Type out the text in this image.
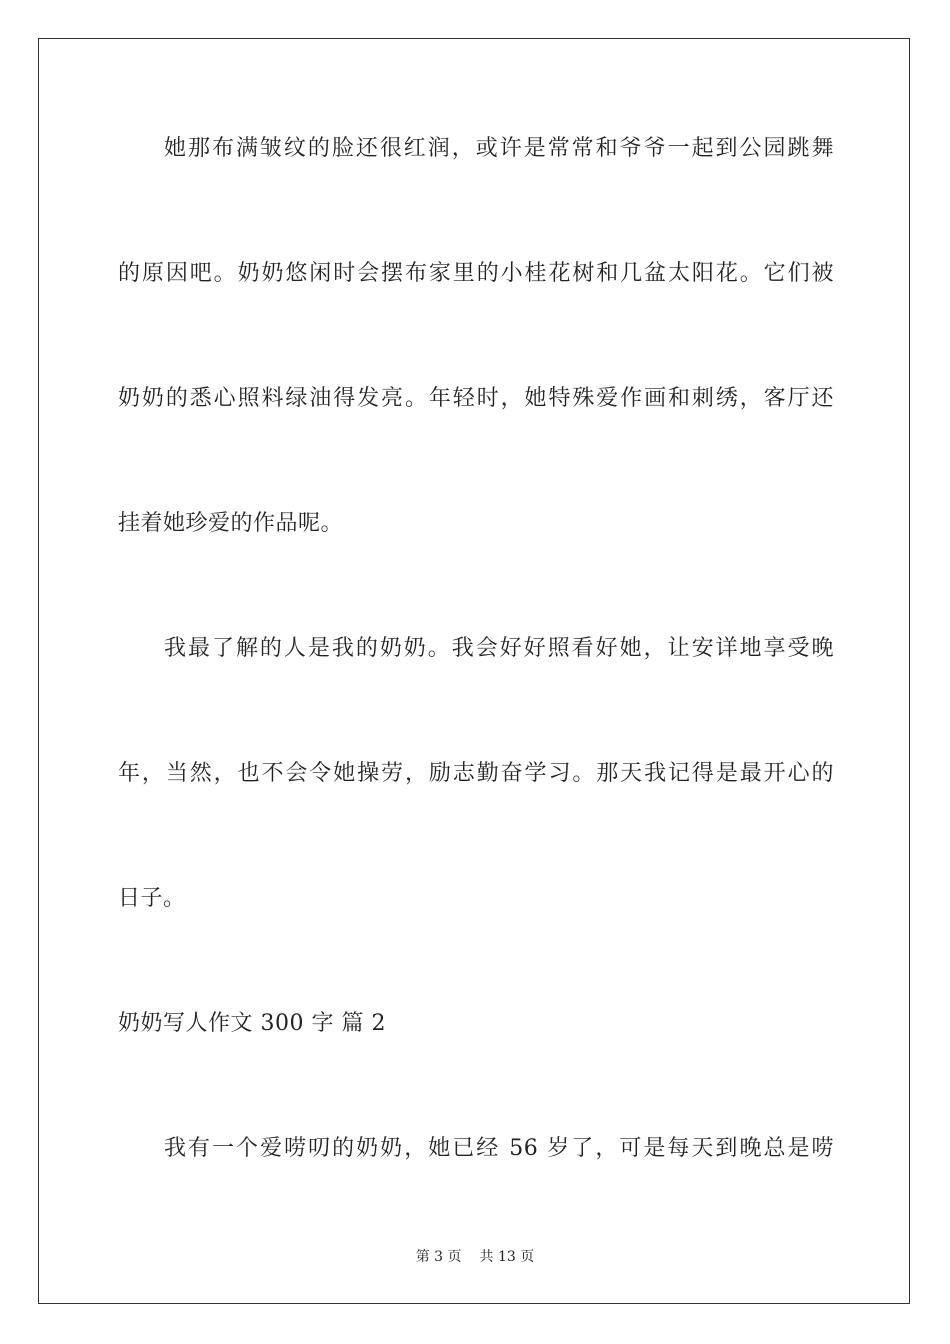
她那布满皱纹的脸还很红润，或许是常常和爷爷一起到公园跳舞

的原因吧。奶奶悠闲时会摆布家里的小桂花树和几盆太阳花。它们被

奶奶的悉心照料绿油得发亮。年轻时，她特殊爱作画和刺绣，客厅还

挂着她珍爱的作品呢。

我最了解的人是我的奶奶。我会好好照看好她，让安详地享受晚

年，当然，也不会令她操劳，励志勤奋学习。那天我记得是最开心的

日子。

奶奶写人作文 300 字 篇 2

我有一个爱唠叨的奶奶，她已经 56 岁了，可是每天到晚总是唠

第 3 页 共 13 页
